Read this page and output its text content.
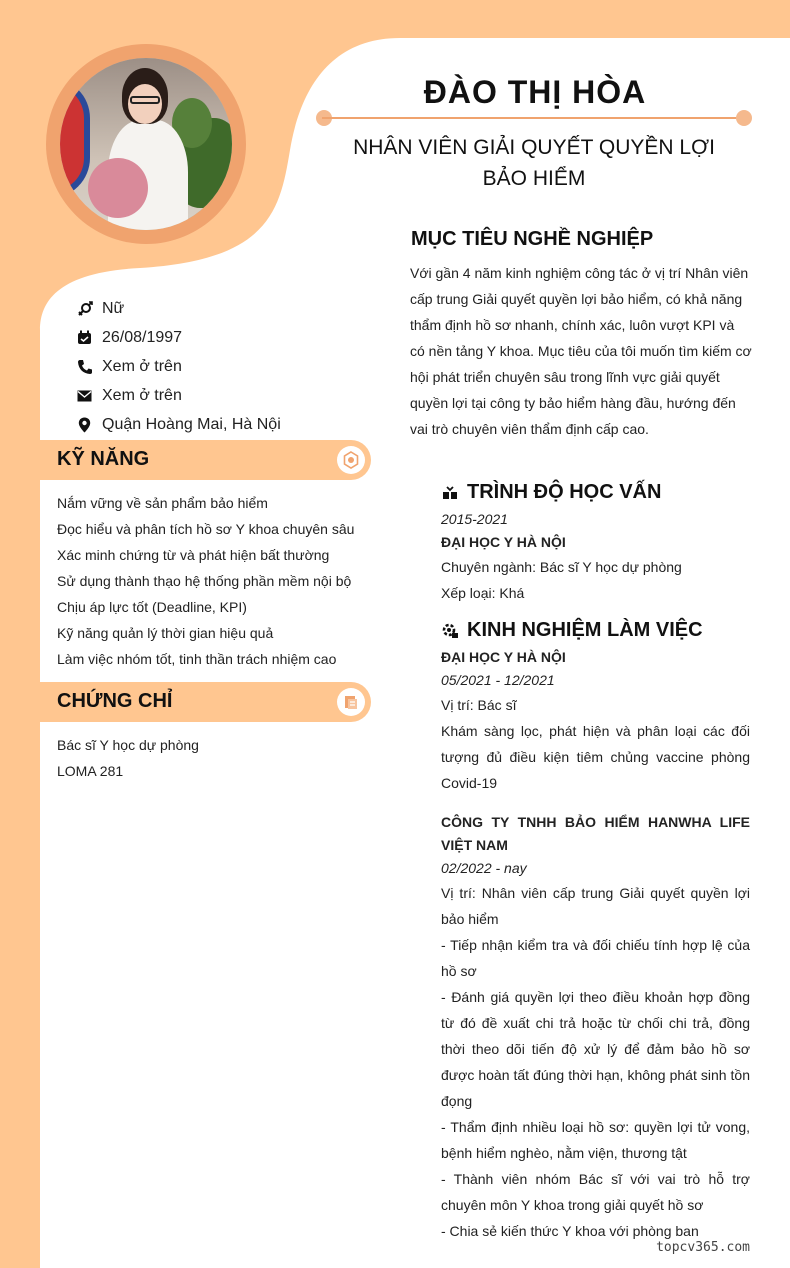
ĐÀO THỊ HÒA
NHÂN VIÊN GIẢI QUYẾT QUYỀN LỢI BẢO HIỂM
Nữ
26/08/1997
Xem ở trên
Xem ở trên
Quận Hoàng Mai, Hà Nội
KỸ NĂNG
Nắm vững về sản phẩm bảo hiểm
Đọc hiểu và phân tích hồ sơ Y khoa chuyên sâu
Xác minh chứng từ và phát hiện bất thường
Sử dụng thành thạo hệ thống phần mềm nội bộ
Chịu áp lực tốt (Deadline, KPI)
Kỹ năng quản lý thời gian hiệu quả
Làm việc nhóm tốt, tinh thần trách nhiệm cao
CHỨNG CHỈ
Bác sĩ Y học dự phòng
LOMA 281
MỤC TIÊU NGHỀ NGHIỆP
Với gần 4 năm kinh nghiệm công tác ở vị trí Nhân viên cấp trung Giải quyết quyền lợi bảo hiểm, có khả năng thẩm định hồ sơ nhanh, chính xác, luôn vượt KPI và có nền tảng Y khoa. Mục tiêu của tôi muốn tìm kiếm cơ hội phát triển chuyên sâu trong lĩnh vực giải quyết quyền lợi tại công ty bảo hiểm hàng đầu, hướng đến vai trò chuyên viên thẩm định cấp cao.
TRÌNH ĐỘ HỌC VẤN
2015-2021
ĐẠI HỌC Y HÀ NỘI
Chuyên ngành: Bác sĩ Y học dự phòng
Xếp loại: Khá
KINH NGHIỆM LÀM VIỆC
ĐẠI HỌC Y HÀ NỘI
05/2021 - 12/2021
Vị trí: Bác sĩ
Khám sàng lọc, phát hiện và phân loại các đối tượng đủ điều kiện tiêm chủng vaccine phòng Covid-19
CÔNG TY TNHH BẢO HIỂM HANWHA LIFE VIỆT NAM
02/2022 - nay
Vị trí: Nhân viên cấp trung Giải quyết quyền lợi bảo hiểm
- Tiếp nhận kiểm tra và đối chiếu tính hợp lệ của hồ sơ
- Đánh giá quyền lợi theo điều khoản hợp đồng từ đó đề xuất chi trả hoặc từ chối chi trả, đồng thời theo dõi tiến độ xử lý để đảm bảo hồ sơ được hoàn tất đúng thời hạn, không phát sinh tồn đọng
- Thẩm định nhiều loại hồ sơ: quyền lợi tử vong, bệnh hiểm nghèo, nằm viện, thương tật
- Thành viên nhóm Bác sĩ với vai trò hỗ trợ chuyên môn Y khoa trong giải quyết hồ sơ
- Chia sẻ kiến thức Y khoa với phòng ban
topcv365.com
